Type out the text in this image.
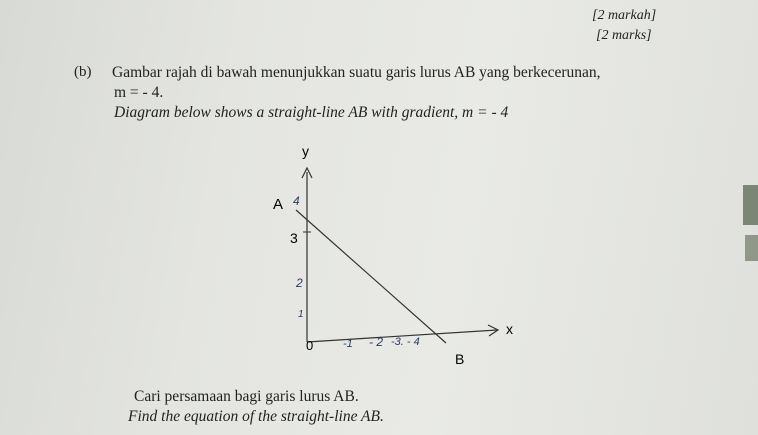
[2 markah]
[2 marks]
(b) Gambar rajah di bawah menunjukkan suatu garis lurus AB yang berkecerunan,
m = - 4.
Diagram below shows a straight-line AB with gradient, m = - 4
y
x
0
A
B
3
4
2
1
-1 - 2 -3. - 4
Cari persamaan bagi garis lurus AB.
Find the equation of the straight-line AB.
